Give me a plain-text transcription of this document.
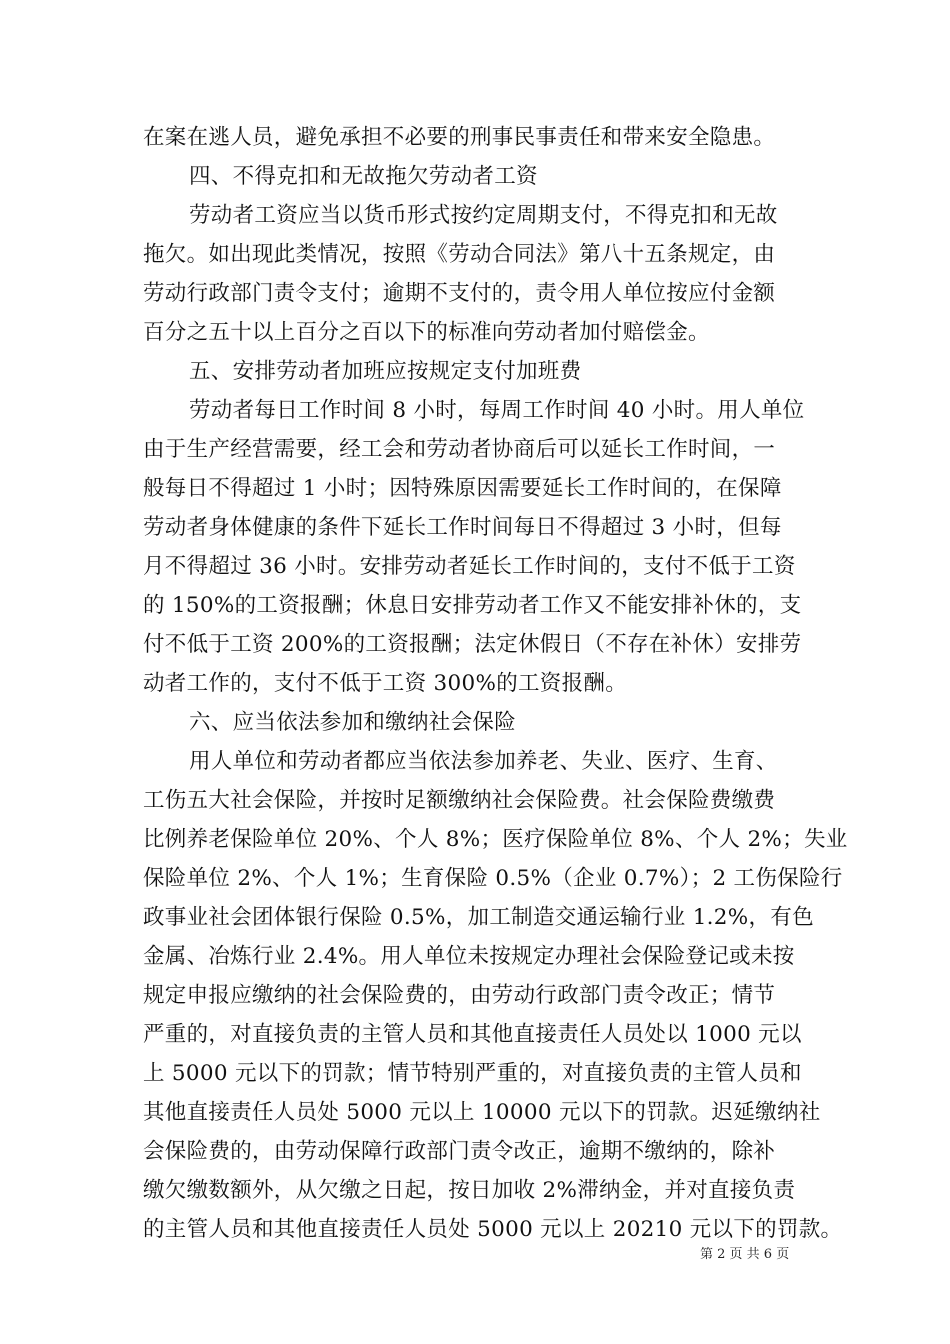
在案在逃人员，避免承担不必要的刑事民事责任和带来安全隐患。
四、不得克扣和无故拖欠劳动者工资
劳动者工资应当以货币形式按约定周期支付，不得克扣和无故
拖欠。如出现此类情况，按照《劳动合同法》第八十五条规定，由
劳动行政部门责令支付；逾期不支付的，责令用人单位按应付金额
百分之五十以上百分之百以下的标准向劳动者加付赔偿金。
五、安排劳动者加班应按规定支付加班费
劳动者每日工作时间 8 小时，每周工作时间 40 小时。用人单位
由于生产经营需要，经工会和劳动者协商后可以延长工作时间，一
般每日不得超过 1 小时；因特殊原因需要延长工作时间的，在保障
劳动者身体健康的条件下延长工作时间每日不得超过 3 小时，但每
月不得超过 36 小时。安排劳动者延长工作时间的，支付不低于工资
的 150%的工资报酬；休息日安排劳动者工作又不能安排补休的，支
付不低于工资 200%的工资报酬；法定休假日（不存在补休）安排劳
动者工作的，支付不低于工资 300%的工资报酬。
六、应当依法参加和缴纳社会保险
用人单位和劳动者都应当依法参加养老、失业、医疗、生育、
工伤五大社会保险，并按时足额缴纳社会保险费。社会保险费缴费
比例养老保险单位 20%、个人 8%；医疗保险单位 8%、个人 2%；失业
保险单位 2%、个人 1%；生育保险 0.5%（企业 0.7%）；2 工伤保险行
政事业社会团体银行保险 0.5%，加工制造交通运输行业 1.2%，有色
金属、冶炼行业 2.4%。用人单位未按规定办理社会保险登记或未按
规定申报应缴纳的社会保险费的，由劳动行政部门责令改正；情节
严重的，对直接负责的主管人员和其他直接责任人员处以 1000 元以
上 5000 元以下的罚款；情节特别严重的，对直接负责的主管人员和
其他直接责任人员处 5000 元以上 10000 元以下的罚款。迟延缴纳社
会保险费的，由劳动保障行政部门责令改正，逾期不缴纳的，除补
缴欠缴数额外，从欠缴之日起，按日加收 2%滞纳金，并对直接负责
的主管人员和其他直接责任人员处 5000 元以上 20210 元以下的罚款。
第 2 页 共 6 页
